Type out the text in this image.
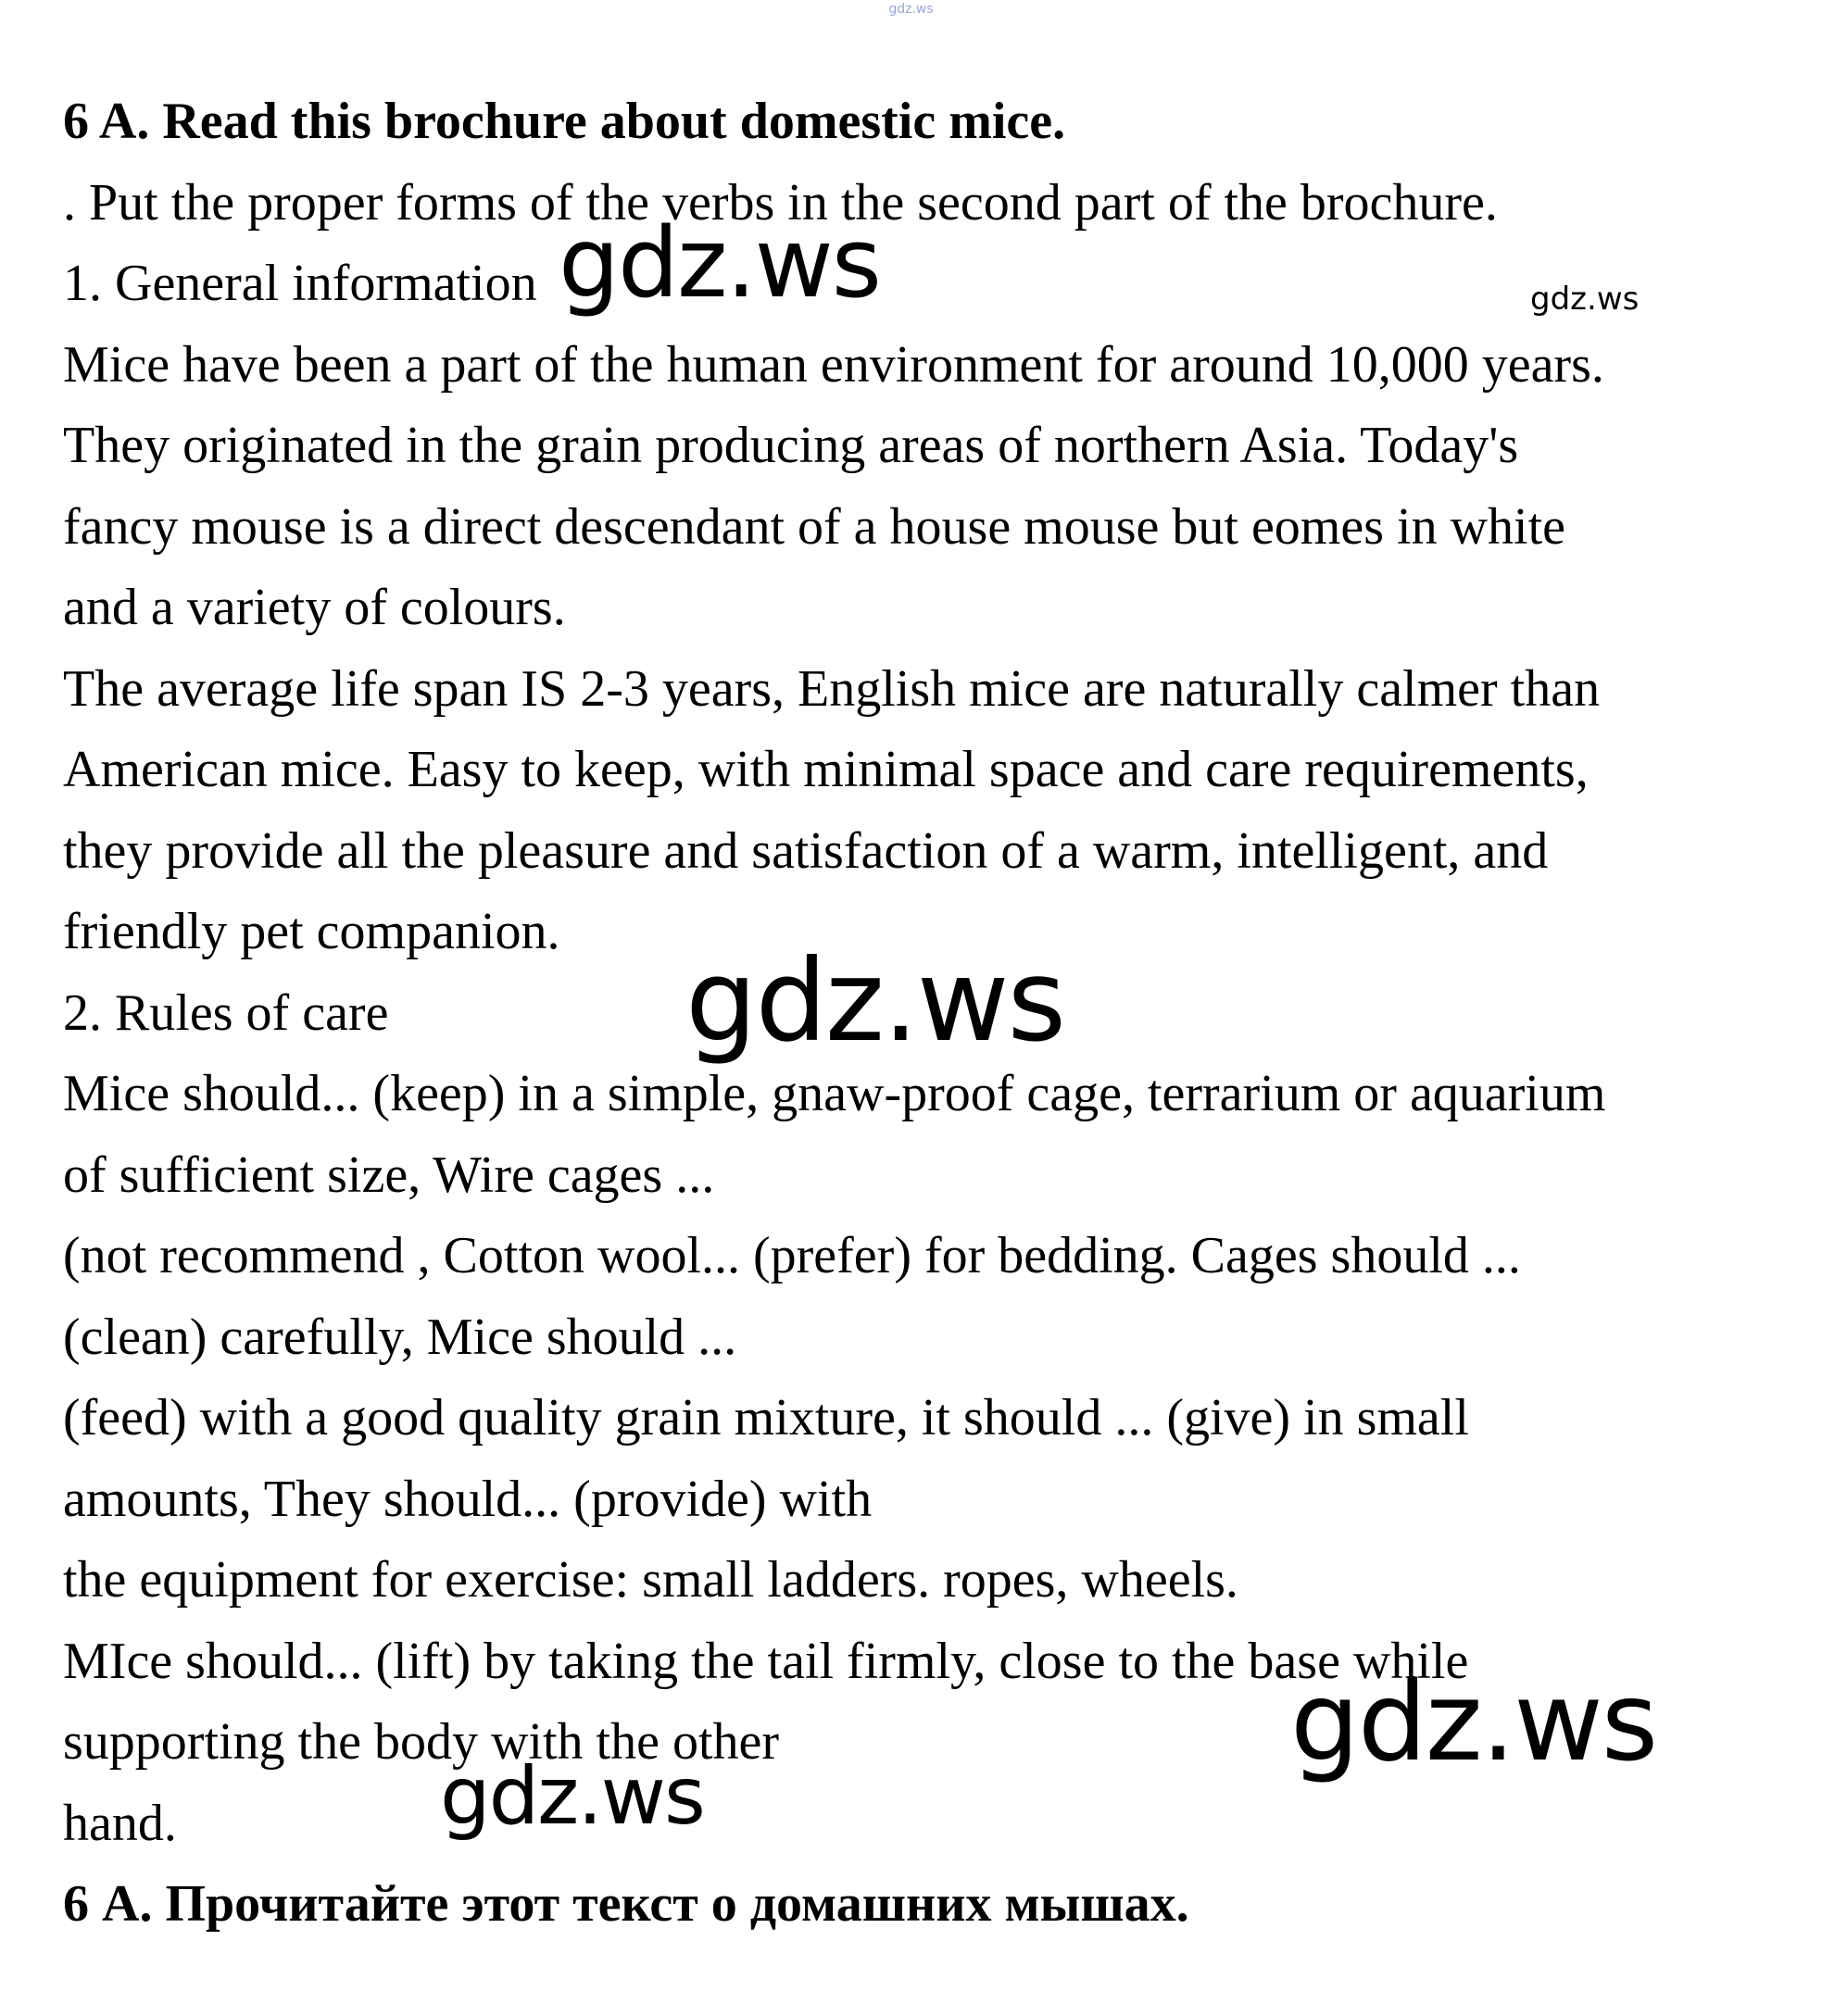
gdz.ws
6 A. Read this brochure about domestic mice.
. Put the proper forms of the verbs in the second part of the brochure.
1. General information
Mice have been a part of the human environment for around 10,000 years.
They originated in the grain producing areas of northern Asia. Today's
fancy mouse is a direct descendant of a house mouse but eomes in white
and a variety of colours.
The average life span IS 2-3 years, English mice are naturally calmer than
American mice. Easy to keep, with minimal space and care requirements,
they provide all the pleasure and satisfaction of a warm, intelligent, and
friendly pet companion.
2. Rules of care
Mice should... (keep) in a simple, gnaw-proof cage, terrarium or aquarium
of sufficient size, Wire cages ...
(not recommend , Cotton wool... (prefer) for bedding. Cages should ...
(clean) carefully, Mice should ...
(feed) with a good quality grain mixture, it should ... (give) in small
amounts, They should... (provide) with
the equipment for exercise: small ladders. ropes, wheels.
MIce should... (lift) by taking the tail firmly, close to the base while
supporting the body with the other
hand.
6 А. Прочитайте этот текст о домашних мышах.
gdz.ws	gdz.ws
gdz.ws
gdz.ws
gdz.ws
